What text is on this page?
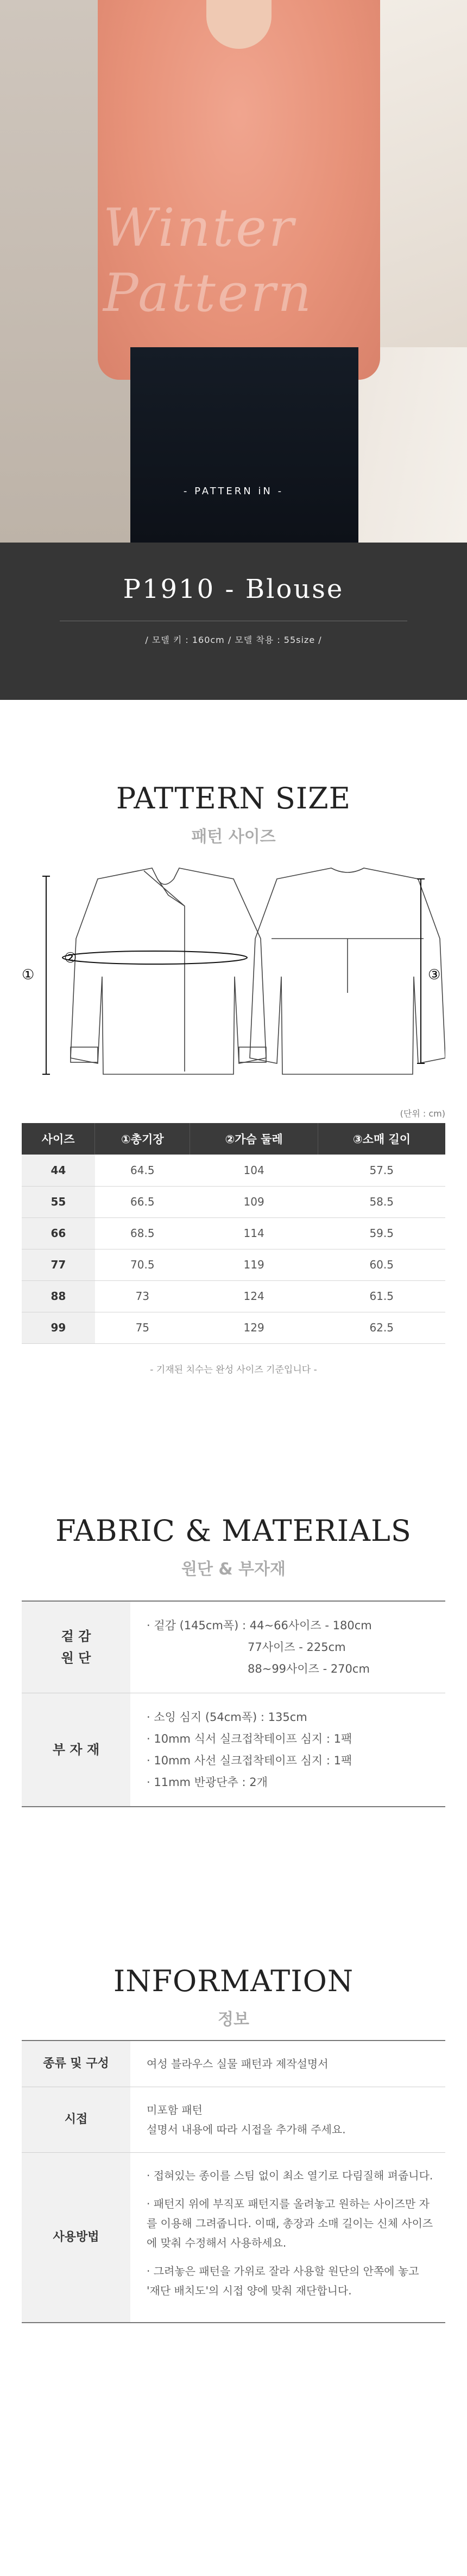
Winter Pattern
- PATTERN iN -
P1910 - Blouse
/ 모델 키 : 160cm / 모델 착용 : 55size /
PATTERN SIZE
패턴 사이즈
①
②
③
(단위 : cm)
사이즈	①총기장	②가슴 둘레	③소매 길이
44	64.5	104	57.5
55	66.5	109	58.5
66	68.5	114	59.5
77	70.5	119	60.5
88	73	124	61.5
99	75	129	62.5
- 기재된 치수는 완성 사이즈 기준입니다 -
FABRIC & MATERIALS
원단 & 부자재
겉 감
원 단
· 겉감 (145cm폭) : 44~66사이즈 - 180cm
77사이즈 - 225cm
88~99사이즈 - 270cm
부 자 재
· 소잉 심지 (54cm폭) : 135cm
· 10mm 식서 실크접착테이프 심지 : 1팩
· 10mm 사선 실크접착테이프 심지 : 1팩
· 11mm 반광단추 : 2개
INFORMATION
정보
종류 및 구성	여성 블라우스 실물 패턴과 제작설명서
시접
미포함 패턴
설명서 내용에 따라 시접을 추가해 주세요.
사용방법
· 접혀있는 종이를 스팀 없이 최소 열기로 다림질해 펴줍니다.
· 패턴지 위에 부직포 패턴지를 올려놓고 원하는 사이즈만 자를 이용해 그려줍니다. 이때, 총장과 소매 길이는 신체 사이즈에 맞춰 수정해서 사용하세요.
· 그려놓은 패턴을 가위로 잘라 사용할 원단의 안쪽에 놓고 '재단 배치도'의 시접 양에 맞춰 재단합니다.
